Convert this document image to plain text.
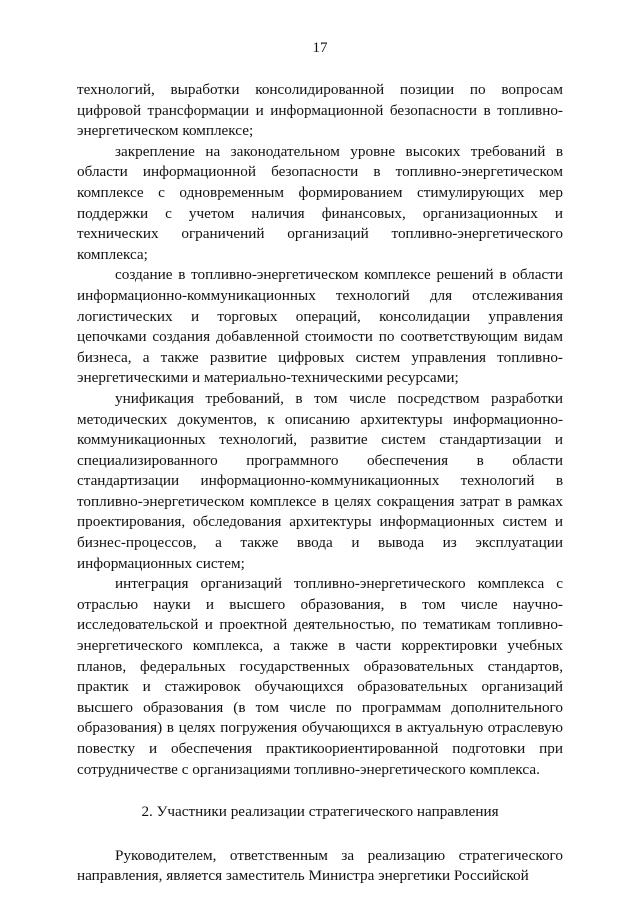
17

технологий, выработки консолидированной позиции по вопросам цифровой трансформации и информационной безопасности в топливно-энергетическом комплексе;

закрепление на законодательном уровне высоких требований в области информационной безопасности в топливно-энергетическом комплексе с одновременным формированием стимулирующих мер поддержки с учетом наличия финансовых, организационных и технических ограничений организаций топливно-энергетического комплекса;

создание в топливно-энергетическом комплексе решений в области информационно-коммуникационных технологий для отслеживания логистических и торговых операций, консолидации управления цепочками создания добавленной стоимости по соответствующим видам бизнеса, а также развитие цифровых систем управления топливно-энергетическими и материально-техническими ресурсами;

унификация требований, в том числе посредством разработки методических документов, к описанию архитектуры информационно-коммуникационных технологий, развитие систем стандартизации и специализированного программного обеспечения в области стандартизации информационно-коммуникационных технологий в топливно-энергетическом комплексе в целях сокращения затрат в рамках проектирования, обследования архитектуры информационных систем и бизнес-процессов, а также ввода и вывода из эксплуатации информационных систем;

интеграция организаций топливно-энергетического комплекса с отраслью науки и высшего образования, в том числе научно-исследовательской и проектной деятельностью, по тематикам топливно-энергетического комплекса, а также в части корректировки учебных планов, федеральных государственных образовательных стандартов, практик и стажировок обучающихся образовательных организаций высшего образования (в том числе по программам дополнительного образования) в целях погружения обучающихся в актуальную отраслевую повестку и обеспечения практикоориентированной подготовки при сотрудничестве с организациями топливно-энергетического комплекса.

2. Участники реализации стратегического направления

Руководителем, ответственным за реализацию стратегического направления, является заместитель Министра энергетики Российской
